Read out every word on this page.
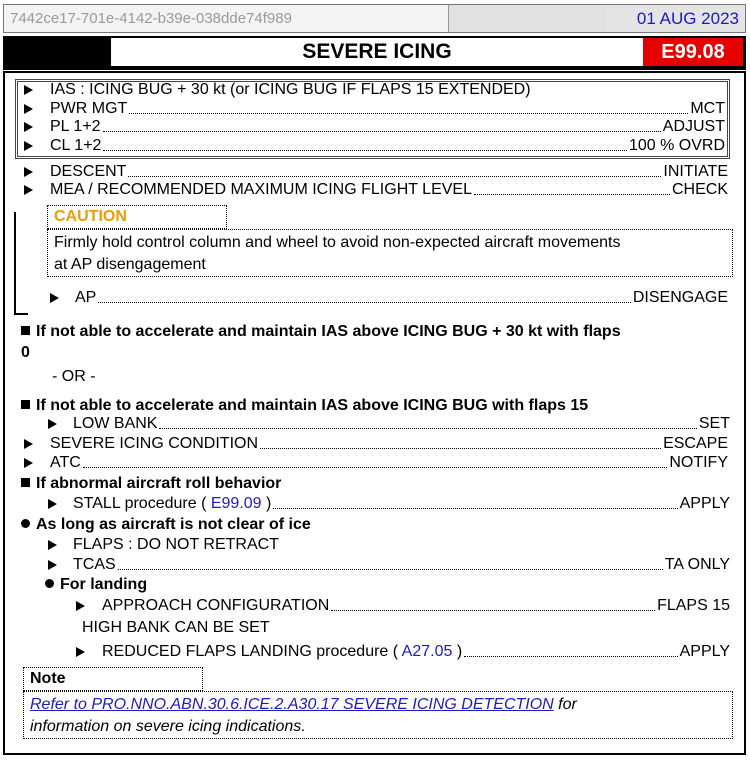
7442ce17-701e-4142-b39e-038dde74f989	01 AUG 2023
SEVERE ICING	E99.08
IAS : ICING BUG + 30 kt (or ICING BUG IF FLAPS 15 EXTENDED)
PWR MGT	MCT
PL 1+2	ADJUST
CL 1+2	100 % OVRD
DESCENT	INITIATE
MEA / RECOMMENDED MAXIMUM ICING FLIGHT LEVEL	CHECK
CAUTION
Firmly hold control column and wheel to avoid non-expected aircraft movements
at AP disengagement
AP	DISENGAGE
If not able to accelerate and maintain IAS above ICING BUG + 30 kt with flaps
0
- OR -
If not able to accelerate and maintain IAS above ICING BUG with flaps 15
LOW BANK	SET
SEVERE ICING CONDITION	ESCAPE
ATC	NOTIFY
If abnormal aircraft roll behavior
STALL procedure ( E99.09 )	APPLY
As long as aircraft is not clear of ice
FLAPS : DO NOT RETRACT
TCAS	TA ONLY
For landing
APPROACH CONFIGURATION	FLAPS 15
HIGH BANK CAN BE SET
REDUCED FLAPS LANDING procedure ( A27.05 )	APPLY
Note
Refer to PRO.NNO.ABN.30.6.ICE.2.A30.17 SEVERE ICING DETECTION for
information on severe icing indications.
